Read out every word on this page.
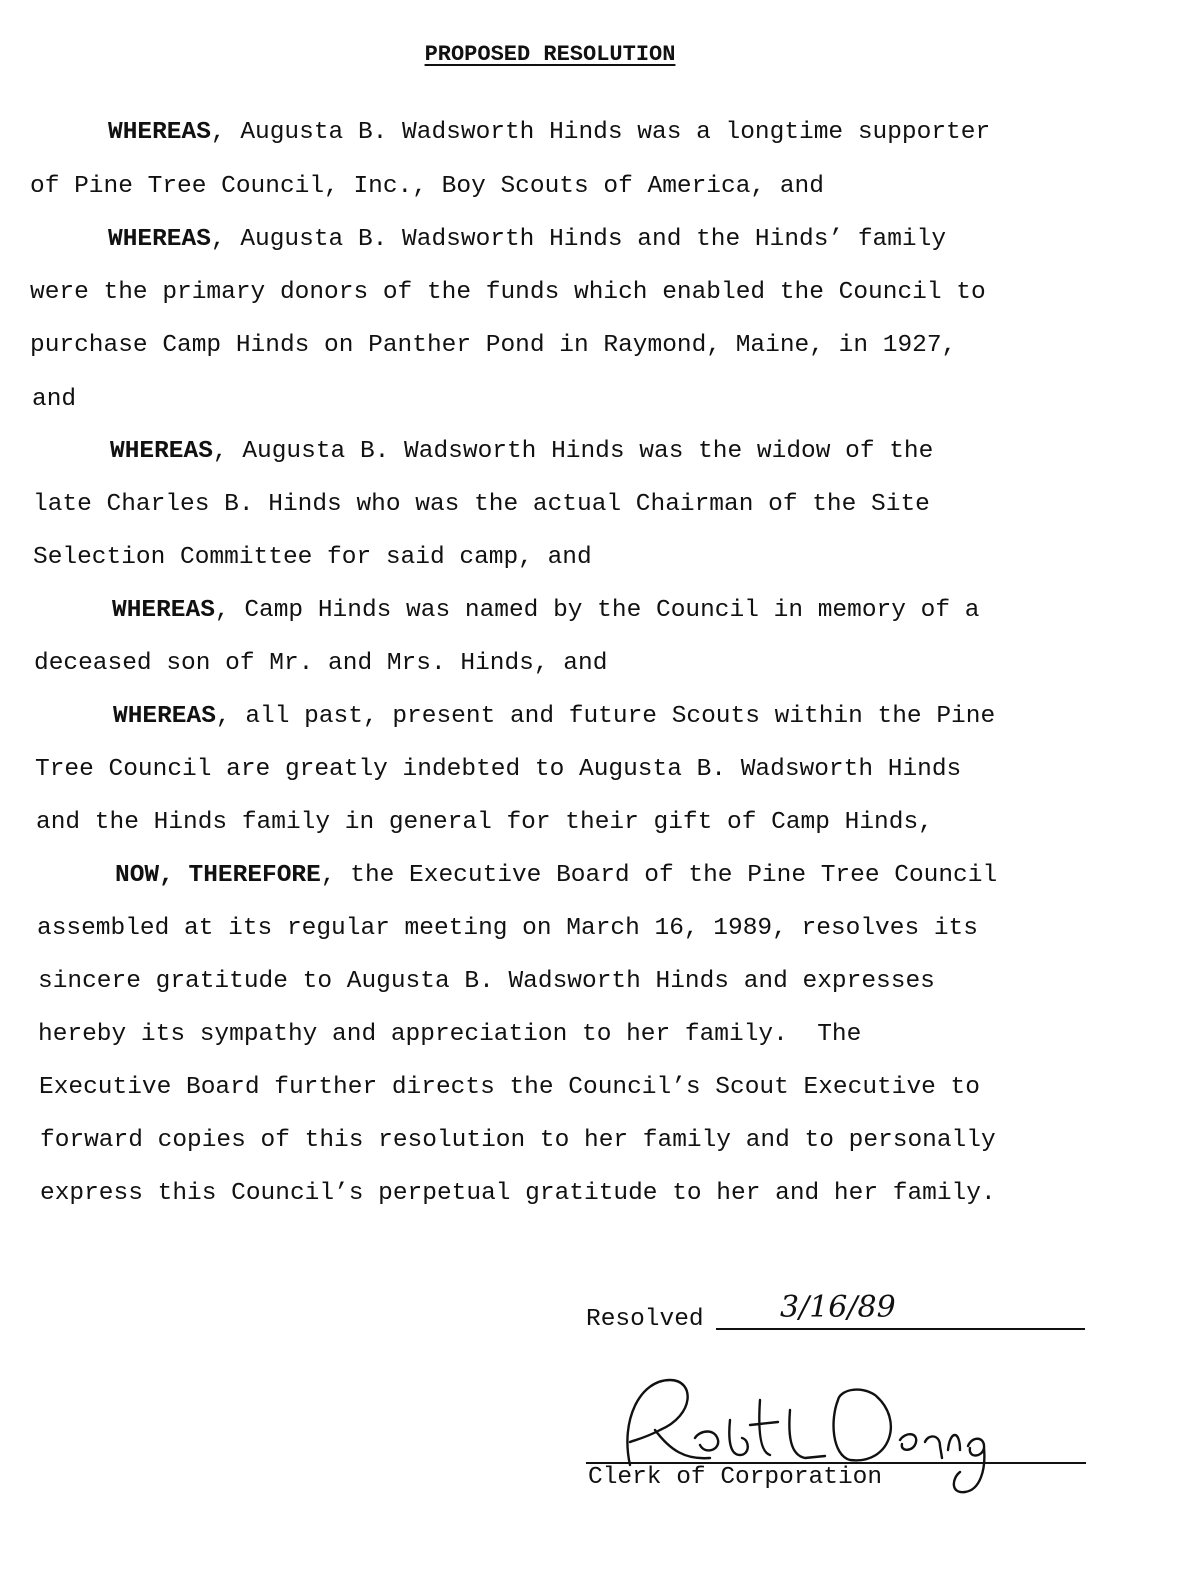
PROPOSED RESOLUTION
WHEREAS, Augusta B. Wadsworth Hinds was a longtime supporter
of Pine Tree Council, Inc., Boy Scouts of America, and
WHEREAS, Augusta B. Wadsworth Hinds and the Hinds’ family
were the primary donors of the funds which enabled the Council to
purchase Camp Hinds on Panther Pond in Raymond, Maine, in 1927,
and
WHEREAS, Augusta B. Wadsworth Hinds was the widow of the
late Charles B. Hinds who was the actual Chairman of the Site
Selection Committee for said camp, and
WHEREAS, Camp Hinds was named by the Council in memory of a
deceased son of Mr. and Mrs. Hinds, and
WHEREAS, all past, present and future Scouts within the Pine
Tree Council are greatly indebted to Augusta B. Wadsworth Hinds
and the Hinds family in general for their gift of Camp Hinds,
NOW, THEREFORE, the Executive Board of the Pine Tree Council
assembled at its regular meeting on March 16, 1989, resolves its
sincere gratitude to Augusta B. Wadsworth Hinds and expresses
hereby its sympathy and appreciation to her family.  The
Executive Board further directs the Council’s Scout Executive to
forward copies of this resolution to her family and to personally
express this Council’s perpetual gratitude to her and her family.
Resolved	3/16/89
Clerk of Corporation
